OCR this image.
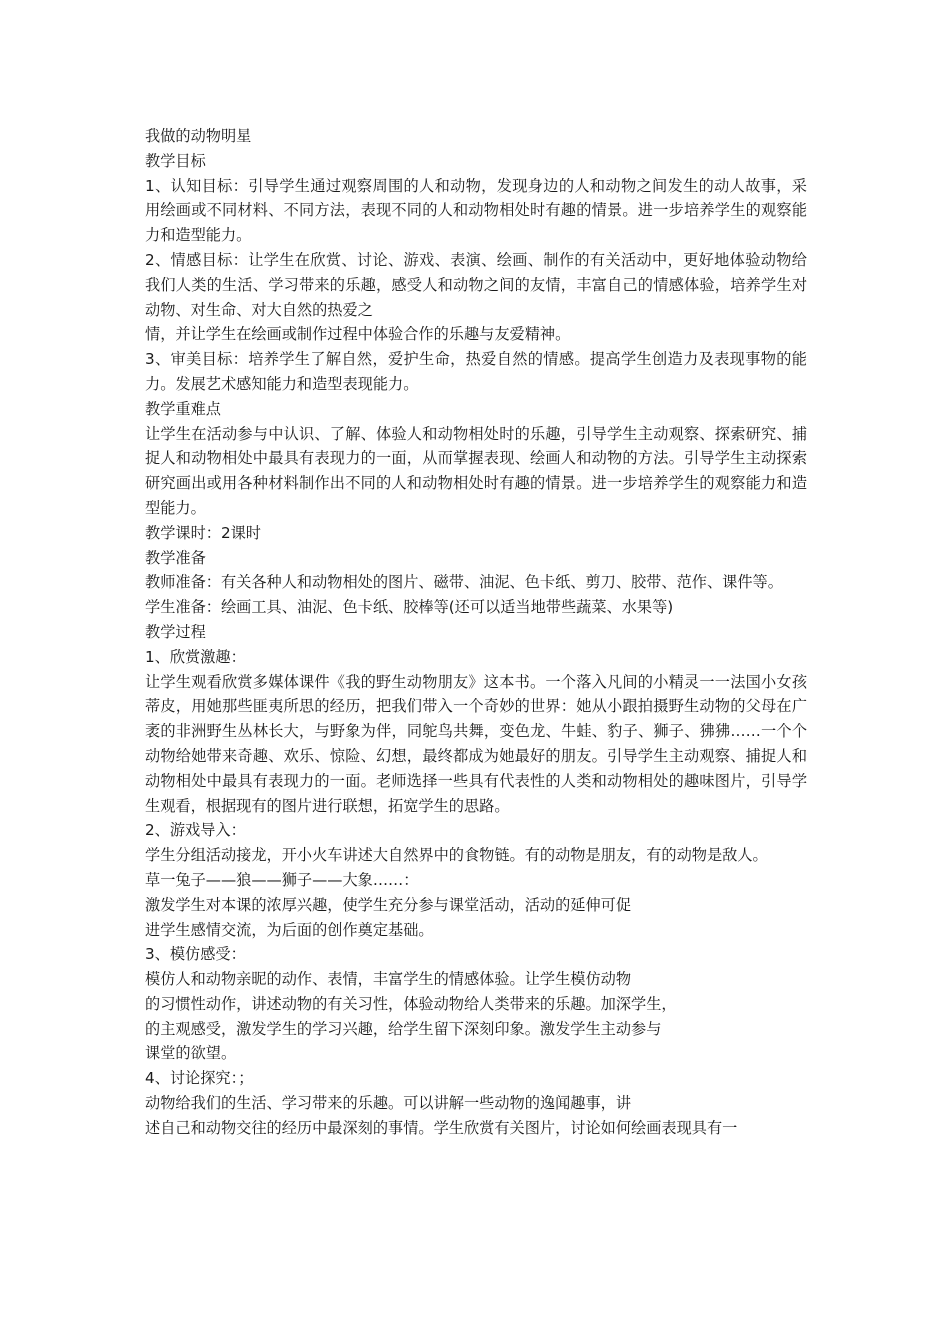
我做的动物明星

教学目标

1、认知目标：引导学生通过观察周围的人和动物，发现身边的人和动物之间发生的动人故事，采用绘画或不同材料、不同方法，表现不同的人和动物相处时有趣的情景。进一步培养学生的观察能力和造型能力。

2、情感目标：让学生在欣赏、讨论、游戏、表演、绘画、制作的有关活动中，更好地体验动物给我们人类的生活、学习带来的乐趣，感受人和动物之间的友情，丰富自己的情感体验，培养学生对动物、对生命、对大自然的热爱之

情，并让学生在绘画或制作过程中体验合作的乐趣与友爱精神。

3、审美目标：培养学生了解自然，爱护生命，热爱自然的情感。提高学生创造力及表现事物的能力。发展艺术感知能力和造型表现能力。

教学重难点

让学生在活动参与中认识、了解、体验人和动物相处时的乐趣，引导学生主动观察、探索研究、捕捉人和动物相处中最具有表现力的一面，从而掌握表现、绘画人和动物的方法。引导学生主动探索研究画出或用各种材料制作出不同的人和动物相处时有趣的情景。进一步培养学生的观察能力和造型能力。

教学课时：2课时

教学准备

教师准备：有关各种人和动物相处的图片、磁带、油泥、色卡纸、剪刀、胶带、范作、课件等。

学生准备：绘画工具、油泥、色卡纸、胶棒等(还可以适当地带些蔬菜、水果等)

教学过程

1、欣赏激趣：

让学生观看欣赏多媒体课件《我的野生动物朋友》这本书。一个落入凡间的小精灵一一法国小女孩蒂皮，用她那些匪夷所思的经历，把我们带入一个奇妙的世界：她从小跟拍摄野生动物的父母在广袤的非洲野生丛林长大，与野象为伴，同鸵鸟共舞，变色龙、牛蛙、豹子、狮子、狒狒……一个个动物给她带来奇趣、欢乐、惊险、幻想，最终都成为她最好的朋友。引导学生主动观察、捕捉人和动物相处中最具有表现力的一面。老师选择一些具有代表性的人类和动物相处的趣味图片，引导学生观看，根据现有的图片进行联想，拓宽学生的思路。

2、游戏导入：

学生分组活动接龙，开小火车讲述大自然界中的食物链。有的动物是朋友，有的动物是敌人。

草一兔子——狼——狮子——大象……：

激发学生对本课的浓厚兴趣，使学生充分参与课堂活动，活动的延伸可促

进学生感情交流，为后面的创作奠定基础。

3、模仿感受：

模仿人和动物亲昵的动作、表情，丰富学生的情感体验。让学生模仿动物

的习惯性动作，讲述动物的有关习性，体验动物给人类带来的乐趣。加深学生，

的主观感受，激发学生的学习兴趣，给学生留下深刻印象。激发学生主动参与

课堂的欲望。

4、讨论探究：；

动物给我们的生活、学习带来的乐趣。可以讲解一些动物的逸闻趣事，讲

述自己和动物交往的经历中最深刻的事情。学生欣赏有关图片，讨论如何绘画表现具有一
